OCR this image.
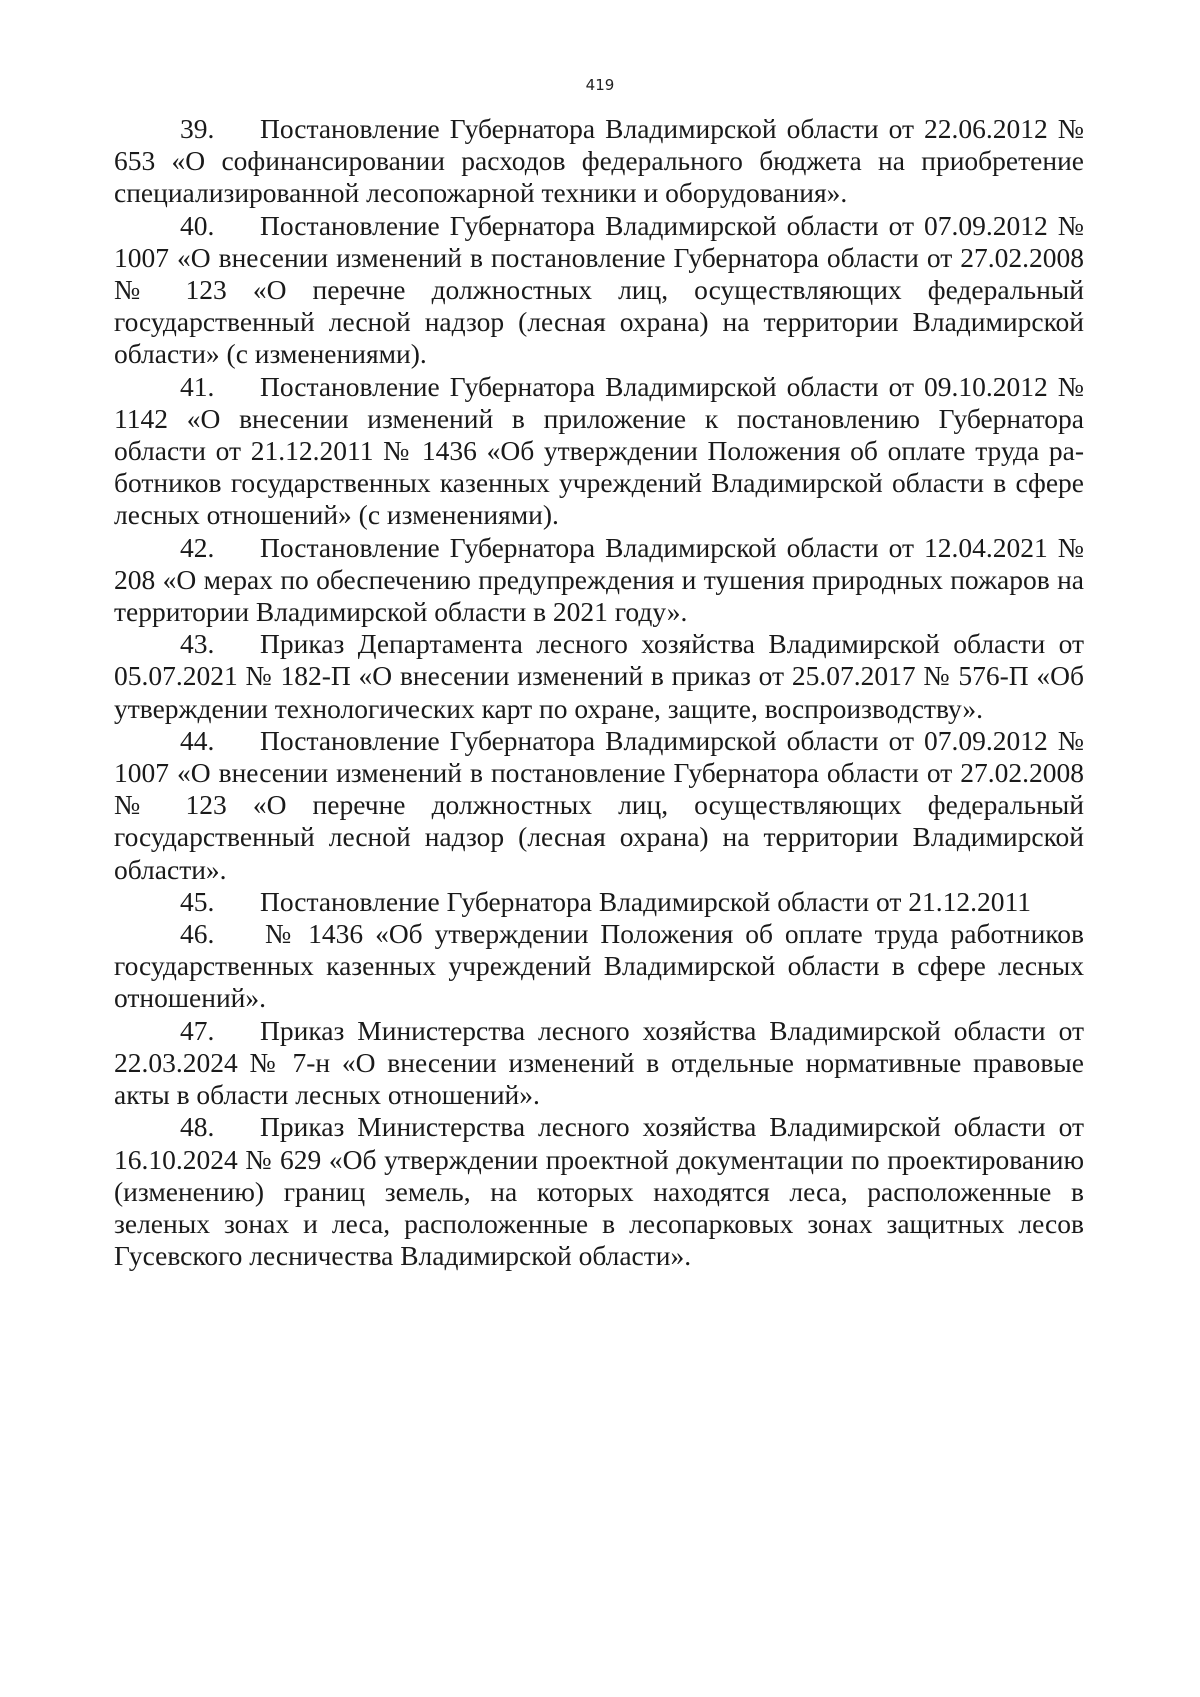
419

39. Постановление Губернатора Владимирской области от 22.06.2012 № 653 «О софинансировании расходов федерального бюджета на приобретение специализированной лесопожарной техники и оборудования».

40. Постановление Губернатора Владимирской области от 07.09.2012 № 1007 «О внесении изменений в постановление Губернатора области от 27.02.2008 № 123 «О перечне должностных лиц, осуществляющих федеральный государственный лесной надзор (лесная охрана) на территории Владимирской области» (с изменениями).

41. Постановление Губернатора Владимирской области от 09.10.2012 № 1142 «О внесении изменений в приложение к постановлению Губернатора области от 21.12.2011 № 1436 «Об утверждении Положения об оплате труда работников государственных казенных учреждений Владимирской области в сфере лесных отношений» (с изменениями).

42. Постановление Губернатора Владимирской области от 12.04.2021 № 208 «О мерах по обеспечению предупреждения и тушения природных пожаров на территории Владимирской области в 2021 году».

43. Приказ Департамента лесного хозяйства Владимирской области от 05.07.2021 № 182-П «О внесении изменений в приказ от 25.07.2017 № 576-П «Об утверждении технологических карт по охране, защите, воспроизводству».

44. Постановление Губернатора Владимирской области от 07.09.2012 № 1007 «О внесении изменений в постановление Губернатора области от 27.02.2008 № 123 «О перечне должностных лиц, осуществляющих федеральный государственный лесной надзор (лесная охрана) на территории Владимирской области».

45. Постановление Губернатора Владимирской области от 21.12.2011

46. № 1436 «Об утверждении Положения об оплате труда работников государственных казенных учреждений Владимирской области в сфере лесных отношений».

47. Приказ Министерства лесного хозяйства Владимирской области от 22.03.2024 № 7-н «О внесении изменений в отдельные нормативные правовые акты в области лесных отношений».

48. Приказ Министерства лесного хозяйства Владимирской области от 16.10.2024 № 629 «Об утверждении проектной документации по проектированию (изменению) границ земель, на которых находятся леса, расположенные в зеленых зонах и леса, расположенные в лесопарковых зонах защитных лесов Гусевского лесничества Владимирской области».
